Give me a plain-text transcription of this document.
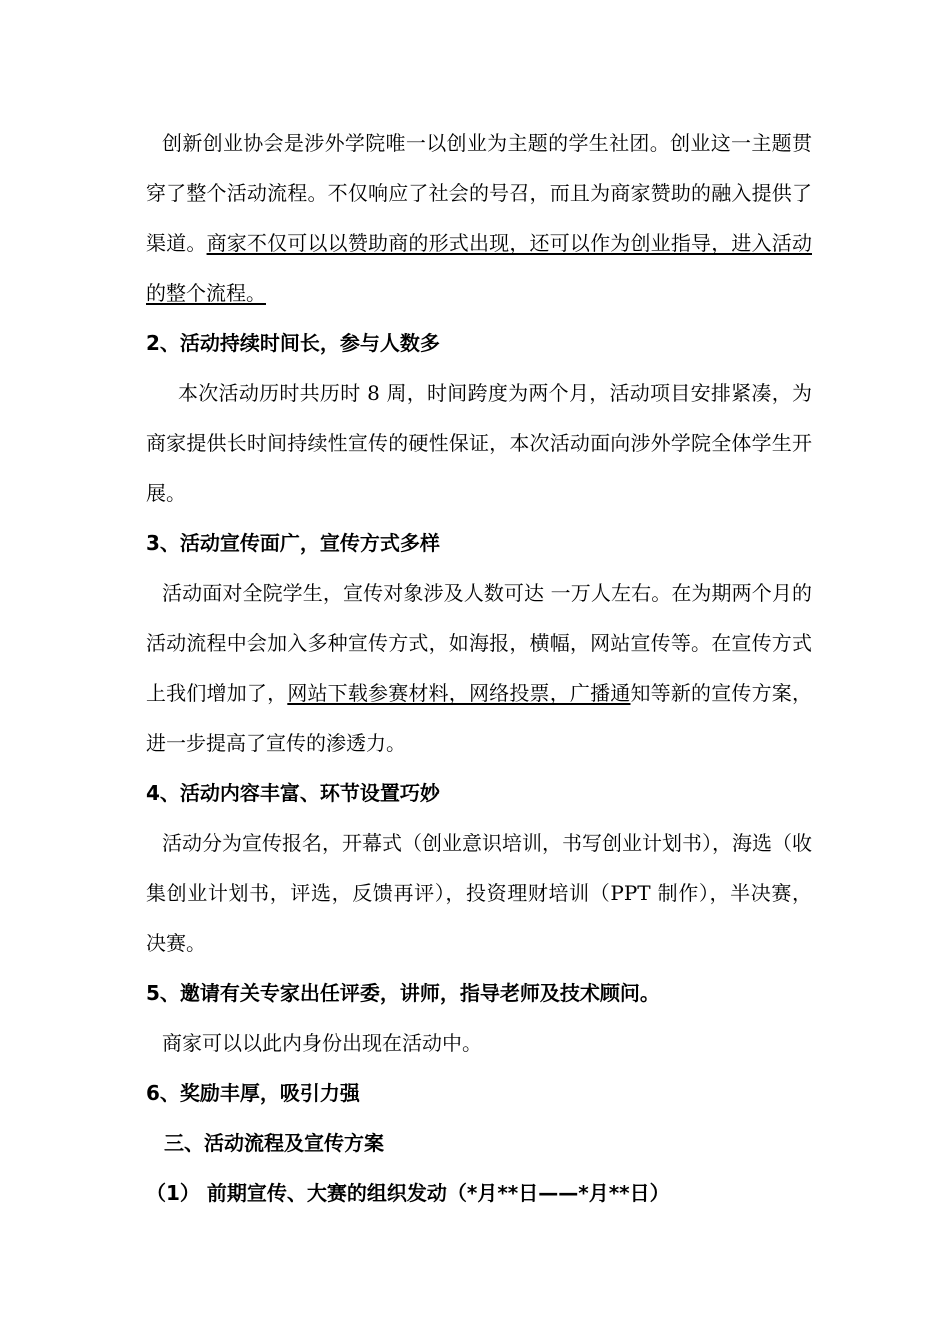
创新创业协会是涉外学院唯一以创业为主题的学生社团。创业这一主题贯穿了整个活动流程。不仅响应了社会的号召，而且为商家赞助的融入提供了渠道。商家不仅可以以赞助商的形式出现，还可以作为创业指导，进入活动的整个流程。

2、活动持续时间长，参与人数多

本次活动历时共历时 8 周，时间跨度为两个月，活动项目安排紧凑，为商家提供长时间持续性宣传的硬性保证，本次活动面向涉外学院全体学生开展。

3、活动宣传面广，宣传方式多样

活动面对全院学生，宣传对象涉及人数可达 一万人左右。在为期两个月的活动流程中会加入多种宣传方式，如海报，横幅，网站宣传等。在宣传方式上我们增加了，网站下载参赛材料，网络投票，广播通知等新的宣传方案，进一步提高了宣传的渗透力。

4、活动内容丰富、环节设置巧妙

活动分为宣传报名，开幕式（创业意识培训，书写创业计划书），海选（收集创业计划书，评选，反馈再评），投资理财培训（PPT 制作），半决赛，决赛。

5、邀请有关专家出任评委，讲师，指导老师及技术顾问。

商家可以以此内身份出现在活动中。

6、奖励丰厚，吸引力强

三、活动流程及宣传方案

（1） 前期宣传、大赛的组织发动（*月**日——*月**日）
